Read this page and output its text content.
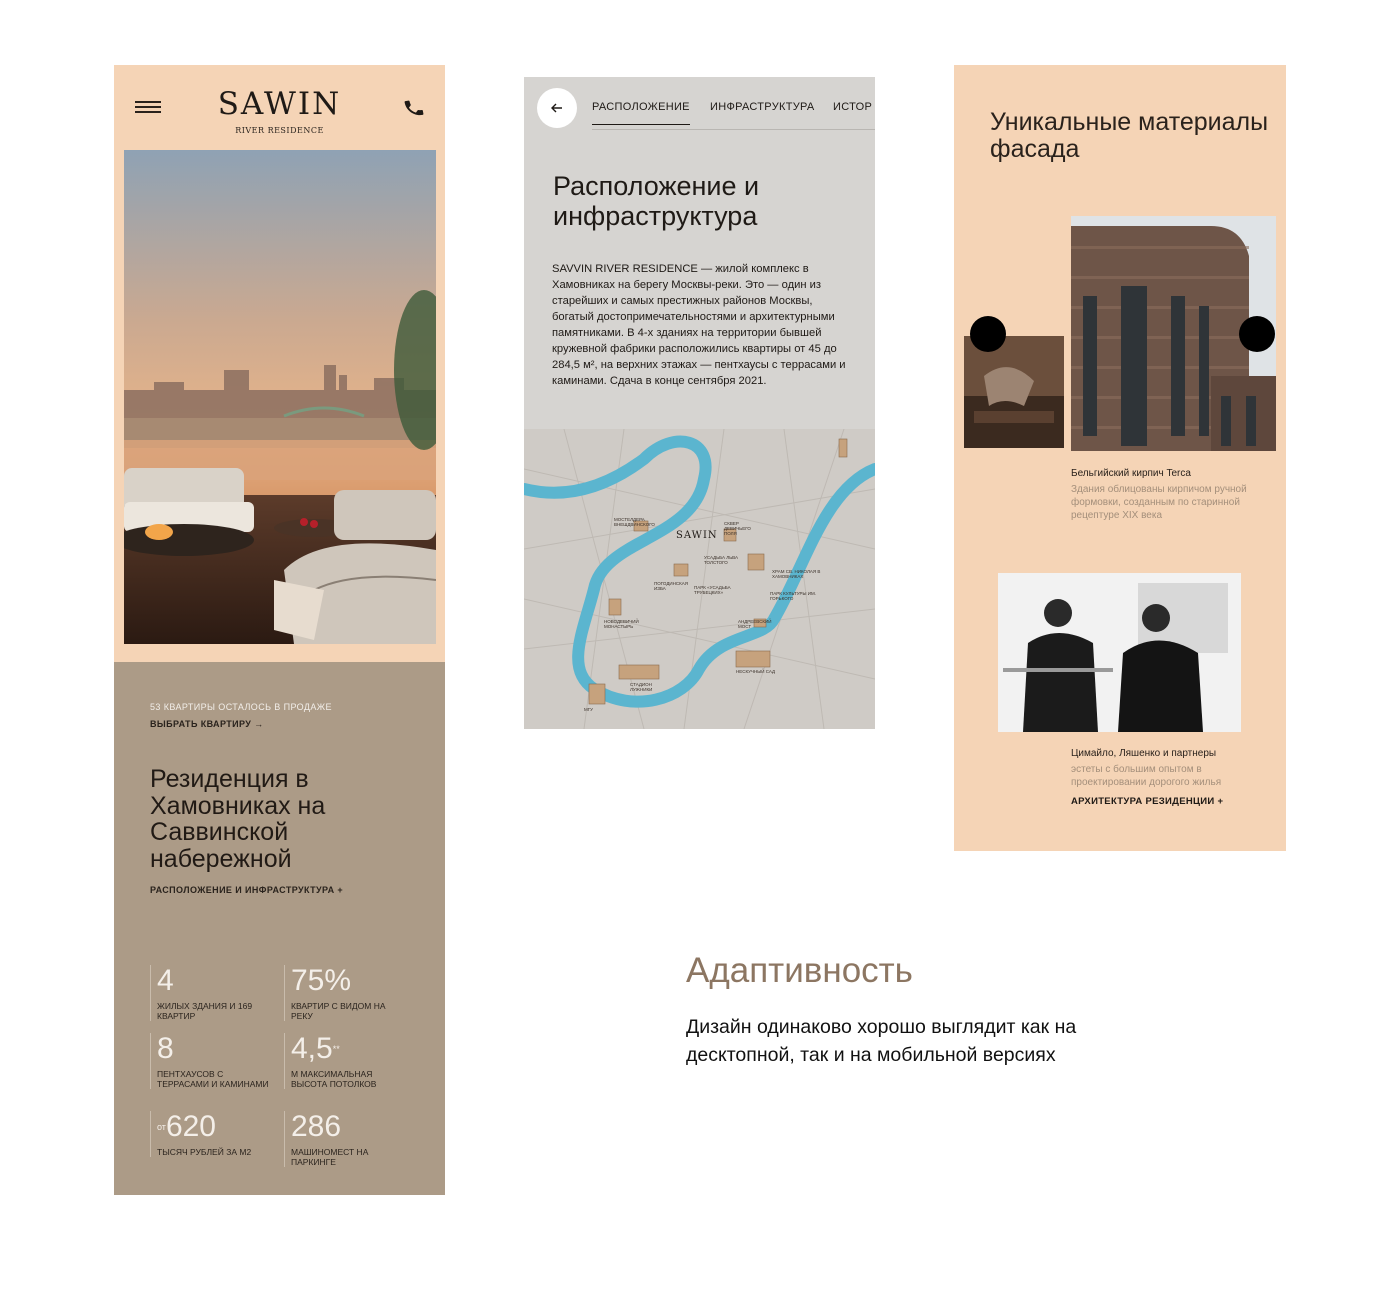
SAWIN
RIVER RESIDENCE
53 КВАРТИРЫ ОСТАЛОСЬ В ПРОДАЖЕ
ВЫБРАТЬ КВАРТИРУ →
Резиденция в Хамовниках на Саввинской набережной
РАСПОЛОЖЕНИЕ И ИНФРАСТРУКТУРА +
4
ЖИЛЫХ ЗДАНИЯ И 169 КВАРТИР
75%
КВАРТИР С ВИДОМ НА РЕКУ
8
ПЕНТХАУСОВ С ТЕРРАСАМИ И КАМИНАМИ
4,5**
М МАКСИМАЛЬНАЯ ВЫСОТА ПОТОЛКОВ
$^{от}$620
ТЫСЯЧ РУБЛЕЙ ЗА М2
286
МАШИНОМЕСТ НА ПАРКИНГЕ
РАСПОЛОЖЕНИЕ ИНФРАСТРУКТУРА ИСТОР
Расположение и инфраструктура
SAVVIN RIVER RESIDENCE — жилой комплекс в Хамовниках на берегу Москвы-реки. Это — один из старейших и самых престижных районов Москвы, богатый достопримечательностями и архитектурными памятниками. В 4-х зданиях на территории бывшей кружевной фабрики расположились квартиры от 45 до 284,5 м², на верхних этажах — пентхаусы с террасами и каминами. Сдача в конце сентября 2021.
SAWIN
МОСТЕЛДЕРА ВНЕШДВИНСКОГО	СКВЕР ДЕВИЧЬЕГО ПОЛЯ
УСАДЬБА ЛЬВА ТОЛСТОГО
ХРАМ СВ. НИКОЛАЯ В ХАМОВНИКАХ
ПОГОДИНСКАЯ ИЗБА	ПАРК «УСАДЬБА ТРУБЕЦКИХ»
НОВОДЕВИЧИЙ МОНАСТЫРЬ
ПАРК КУЛЬТУРЫ ИМ. ГОРЬКОГО
АНДРЕЕВСКИЙ МОСТ
СТАДИОН ЛУЖНИКИ
НЕСКУЧНЫЙ САД
МГУ
Уникальные материалы фасада
Бельгийский кирпич Terca
Здания облицованы кирпичом ручной формовки, созданным по старинной рецептуре XIX века
Цимайло, Ляшенко и партнеры
эстеты с большим опытом в проектировании дорогого жилья
АРХИТЕКТУРА РЕЗИДЕНЦИИ +
Адаптивность
Дизайн одинаково хорошо выглядит как на десктопной, так и на мобильной версиях
